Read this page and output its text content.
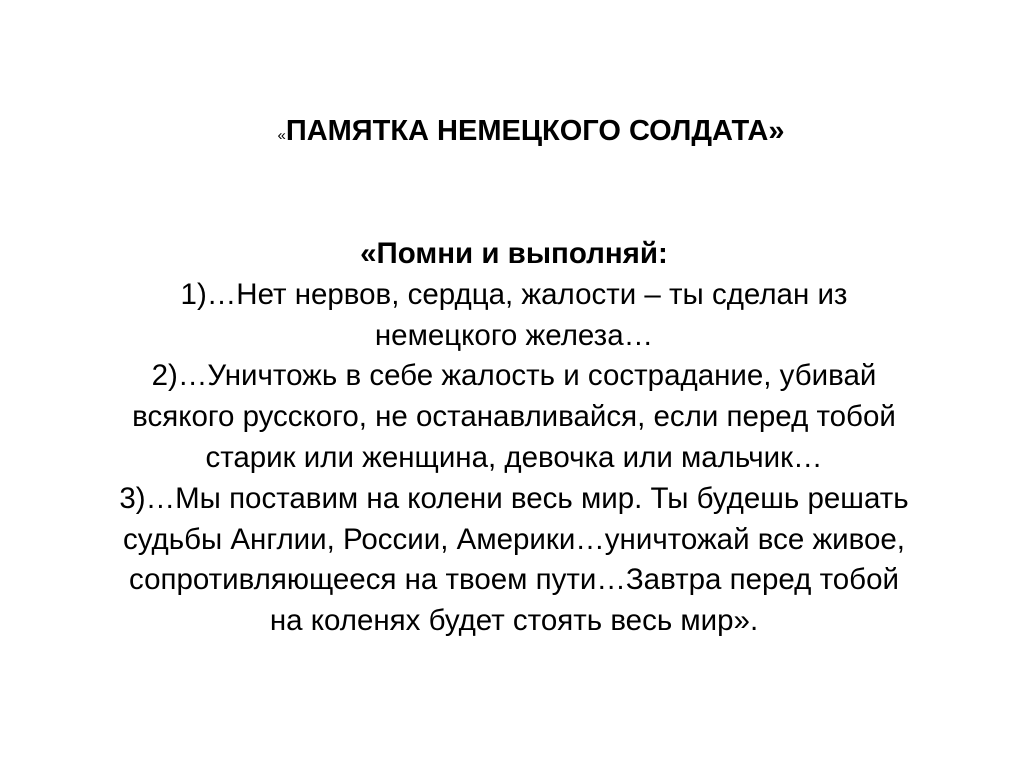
«ПАМЯТКА НЕМЕЦКОГО СОЛДАТА»
«Помни и выполняй:
1)…Нет нервов, сердца, жалости – ты сделан из
немецкого железа…
2)…Уничтожь в себе жалость и сострадание, убивай
всякого русского, не останавливайся, если перед тобой
старик или женщина, девочка или мальчик…
3)…Мы поставим на колени весь мир. Ты будешь решать
судьбы Англии, России, Америки…уничтожай все живое,
сопротивляющееся на твоем пути…Завтра перед тобой
на коленях будет стоять весь мир».
